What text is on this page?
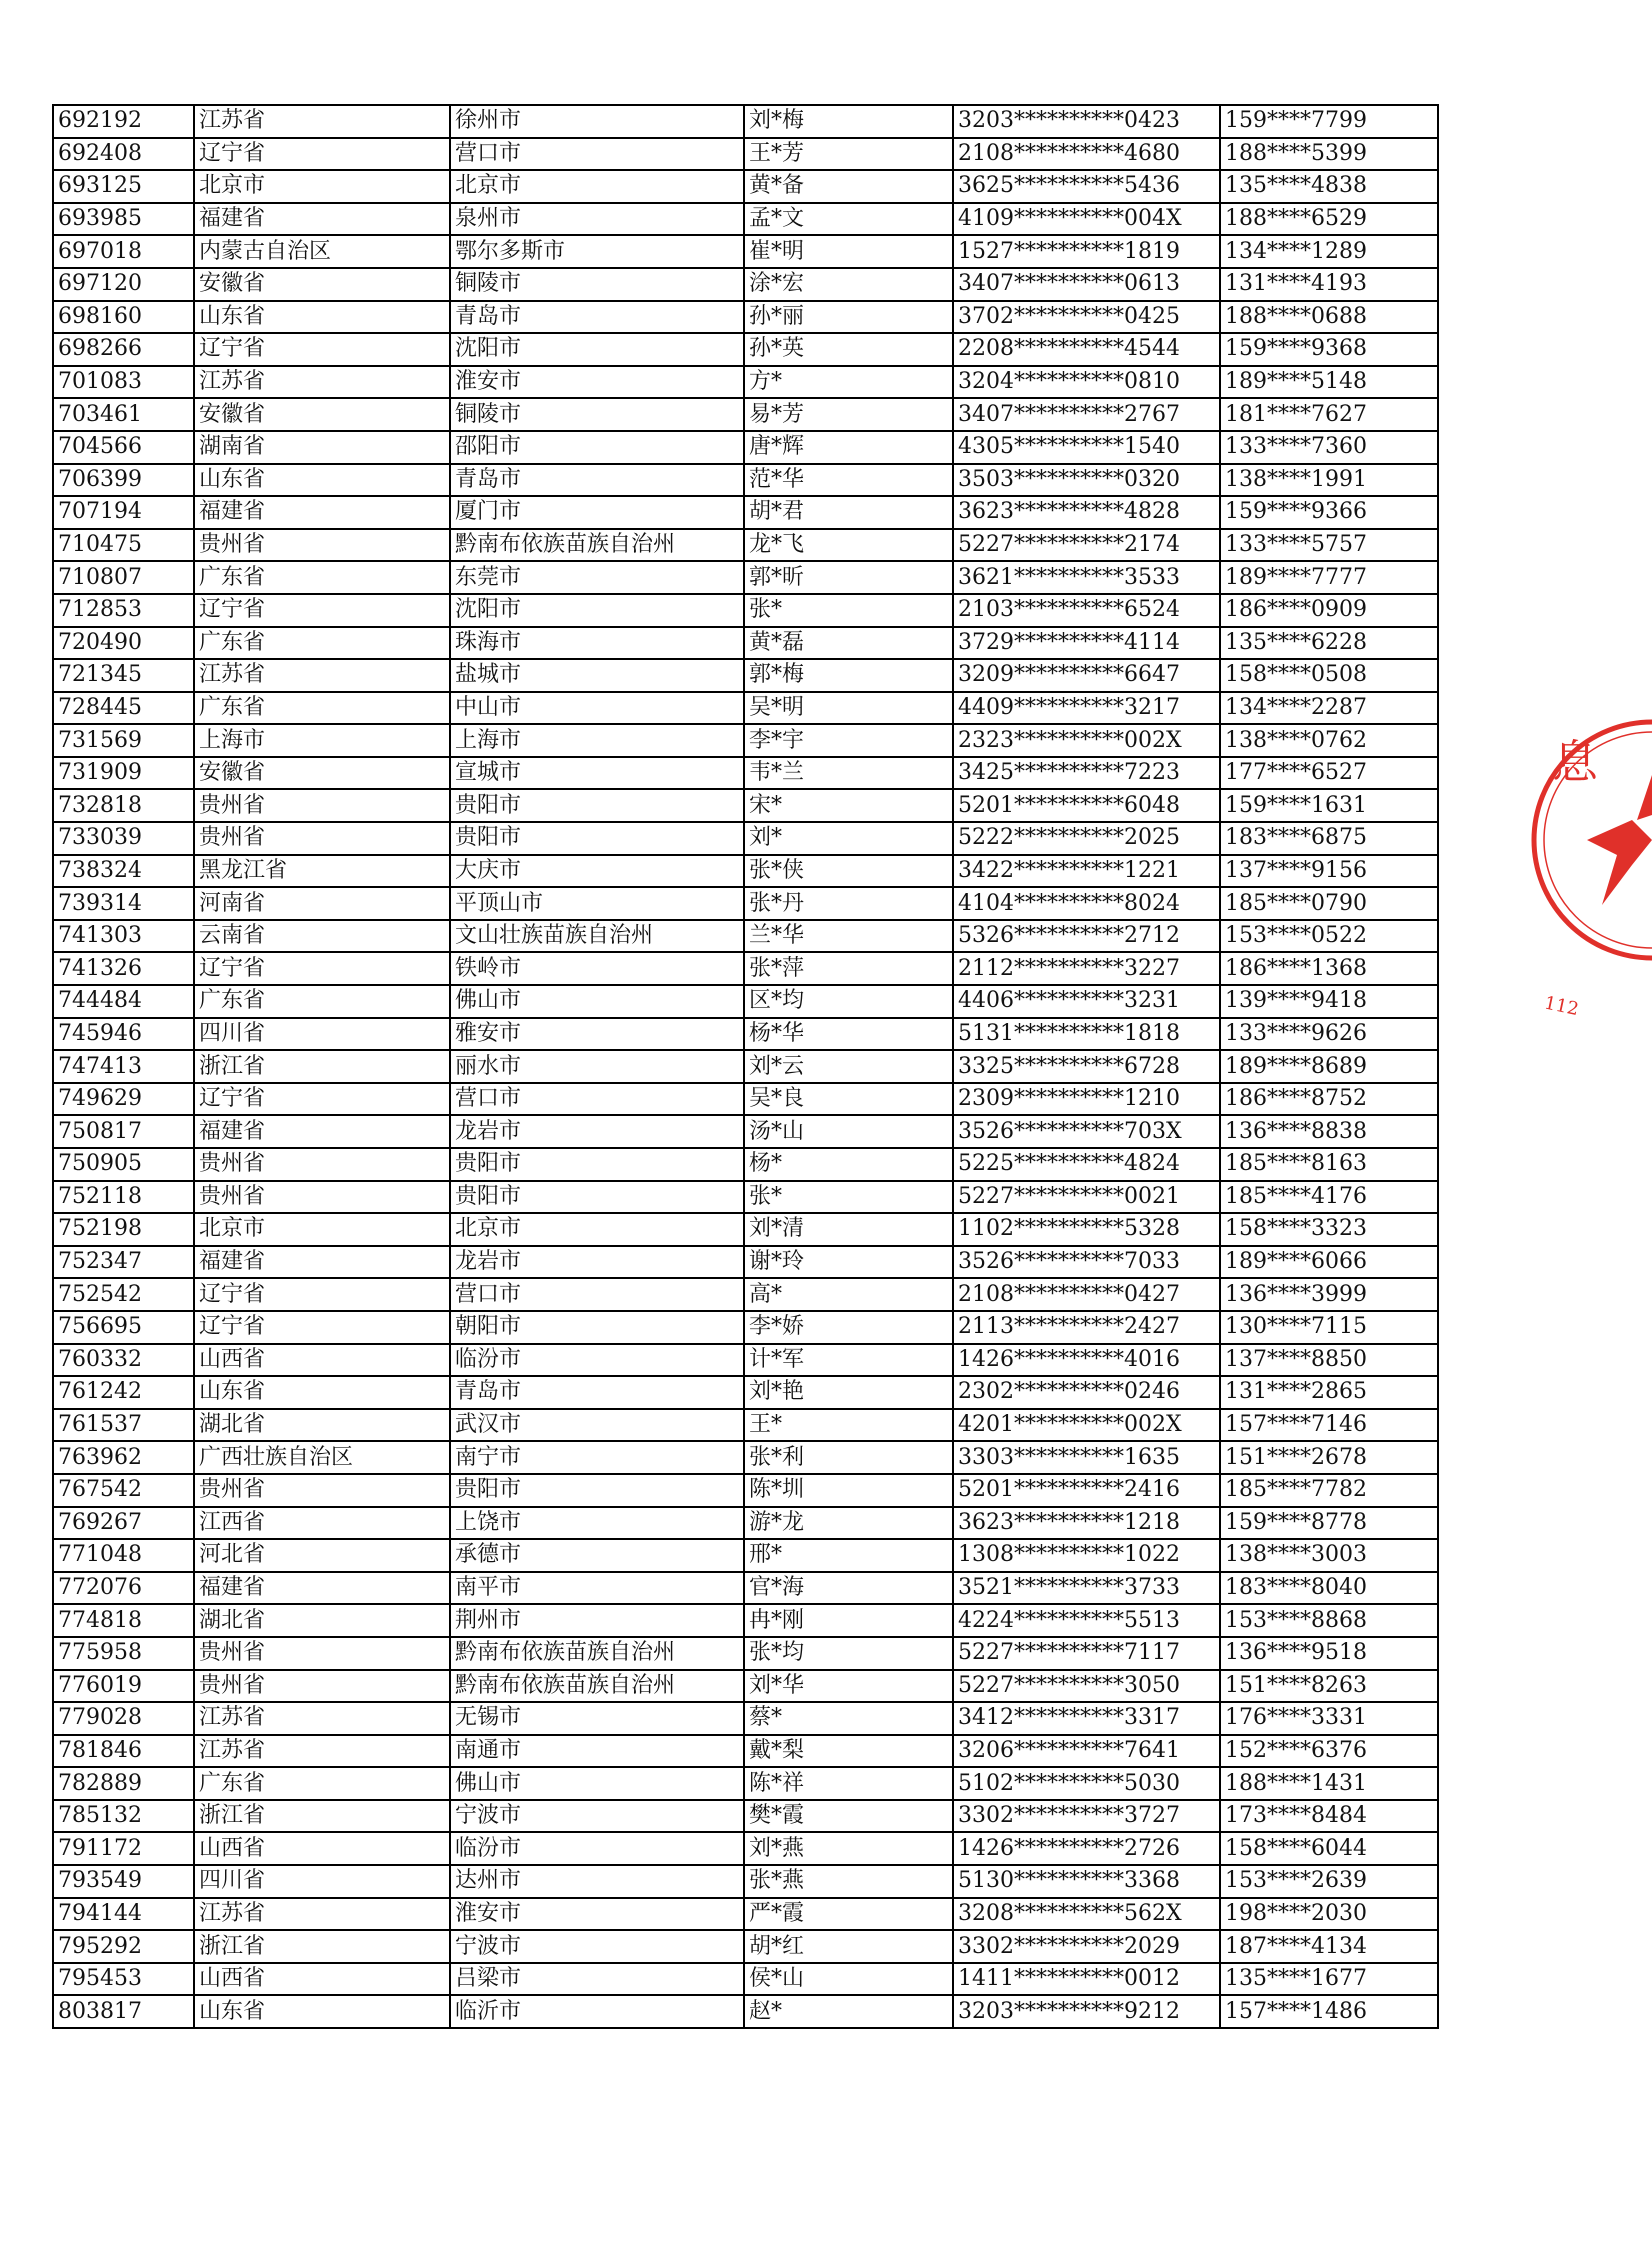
692192	江苏省	徐州市	刘*梅	3203**********0423	159****7799
692408	辽宁省	营口市	王*芳	2108**********4680	188****5399
693125	北京市	北京市	黄*备	3625**********5436	135****4838
693985	福建省	泉州市	孟*文	4109**********004X	188****6529
697018	内蒙古自治区	鄂尔多斯市	崔*明	1527**********1819	134****1289
697120	安徽省	铜陵市	涂*宏	3407**********0613	131****4193
698160	山东省	青岛市	孙*丽	3702**********0425	188****0688
698266	辽宁省	沈阳市	孙*英	2208**********4544	159****9368
701083	江苏省	淮安市	方*	3204**********0810	189****5148
703461	安徽省	铜陵市	易*芳	3407**********2767	181****7627
704566	湖南省	邵阳市	唐*辉	4305**********1540	133****7360
706399	山东省	青岛市	范*华	3503**********0320	138****1991
707194	福建省	厦门市	胡*君	3623**********4828	159****9366
710475	贵州省	黔南布依族苗族自治州	龙*飞	5227**********2174	133****5757
710807	广东省	东莞市	郭*昕	3621**********3533	189****7777
712853	辽宁省	沈阳市	张*	2103**********6524	186****0909
720490	广东省	珠海市	黄*磊	3729**********4114	135****6228
721345	江苏省	盐城市	郭*梅	3209**********6647	158****0508
728445	广东省	中山市	吴*明	4409**********3217	134****2287
731569	上海市	上海市	李*宇	2323**********002X	138****0762
731909	安徽省	宣城市	韦*兰	3425**********7223	177****6527
732818	贵州省	贵阳市	宋*	5201**********6048	159****1631
733039	贵州省	贵阳市	刘*	5222**********2025	183****6875
738324	黑龙江省	大庆市	张*侠	3422**********1221	137****9156
739314	河南省	平顶山市	张*丹	4104**********8024	185****0790
741303	云南省	文山壮族苗族自治州	兰*华	5326**********2712	153****0522
741326	辽宁省	铁岭市	张*萍	2112**********3227	186****1368
744484	广东省	佛山市	区*均	4406**********3231	139****9418
745946	四川省	雅安市	杨*华	5131**********1818	133****9626
747413	浙江省	丽水市	刘*云	3325**********6728	189****8689
749629	辽宁省	营口市	吴*良	2309**********1210	186****8752
750817	福建省	龙岩市	汤*山	3526**********703X	136****8838
750905	贵州省	贵阳市	杨*	5225**********4824	185****8163
752118	贵州省	贵阳市	张*	5227**********0021	185****4176
752198	北京市	北京市	刘*清	1102**********5328	158****3323
752347	福建省	龙岩市	谢*玲	3526**********7033	189****6066
752542	辽宁省	营口市	高*	2108**********0427	136****3999
756695	辽宁省	朝阳市	李*娇	2113**********2427	130****7115
760332	山西省	临汾市	计*军	1426**********4016	137****8850
761242	山东省	青岛市	刘*艳	2302**********0246	131****2865
761537	湖北省	武汉市	王*	4201**********002X	157****7146
763962	广西壮族自治区	南宁市	张*利	3303**********1635	151****2678
767542	贵州省	贵阳市	陈*圳	5201**********2416	185****7782
769267	江西省	上饶市	游*龙	3623**********1218	159****8778
771048	河北省	承德市	邢*	1308**********1022	138****3003
772076	福建省	南平市	官*海	3521**********3733	183****8040
774818	湖北省	荆州市	冉*刚	4224**********5513	153****8868
775958	贵州省	黔南布依族苗族自治州	张*均	5227**********7117	136****9518
776019	贵州省	黔南布依族苗族自治州	刘*华	5227**********3050	151****8263
779028	江苏省	无锡市	蔡*	3412**********3317	176****3331
781846	江苏省	南通市	戴*梨	3206**********7641	152****6376
782889	广东省	佛山市	陈*祥	5102**********5030	188****1431
785132	浙江省	宁波市	樊*霞	3302**********3727	173****8484
791172	山西省	临汾市	刘*燕	1426**********2726	158****6044
793549	四川省	达州市	张*燕	5130**********3368	153****2639
794144	江苏省	淮安市	严*霞	3208**********562X	198****2030
795292	浙江省	宁波市	胡*红	3302**********2029	187****4134
795453	山西省	吕梁市	侯*山	1411**********0012	135****1677
803817	山东省	临沂市	赵*	3203**********9212	157****1486
息
112
